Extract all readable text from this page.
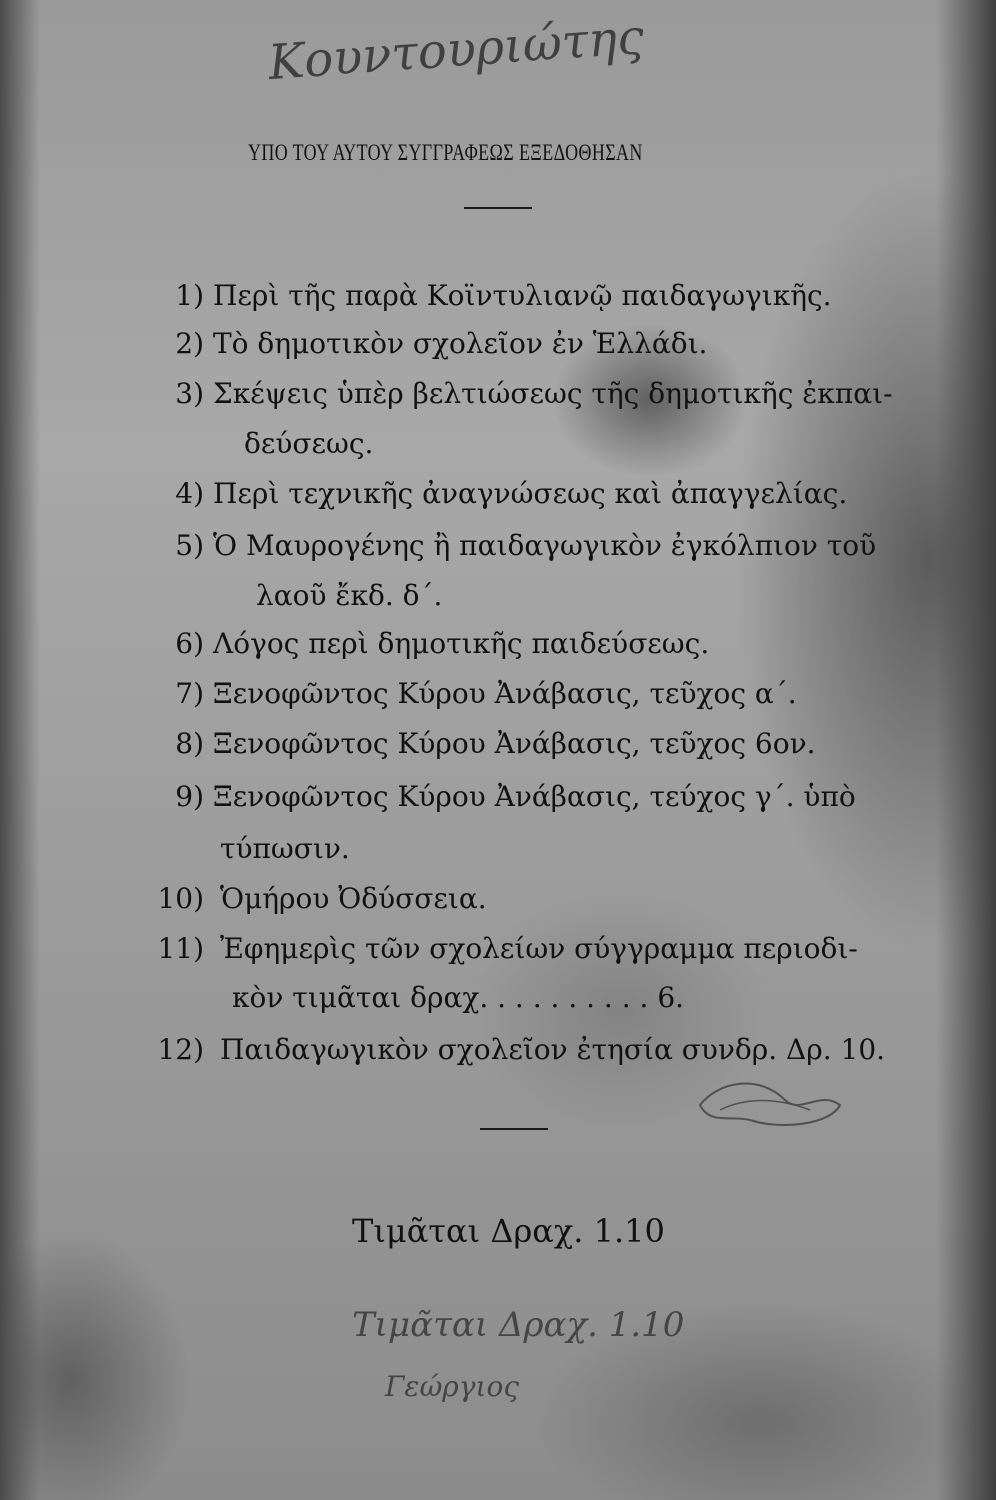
Κουντουριώτης
ΥΠΟ ΤΟΥ ΑΥΤΟΥ ΣΥΓΓΡΑΦΕΩΣ ΕΞΕΔΟΘΗΣΑΝ
1) Περὶ τῆς παρὰ Κοϊντυλιανῷ παιδαγωγικῆς.
2) Τὸ δημοτικὸν σχολεῖον ἐν Ἑλλάδι.
3) Σκέψεις ὑπὲρ βελτιώσεως τῆς δημοτικῆς ἐκπαι-
δεύσεως.
4) Περὶ τεχνικῆς ἀναγνώσεως καὶ ἀπαγγελίας.
5) Ὁ Μαυρογένης ἢ παιδαγωγικὸν ἐγκόλπιον τοῦ
λαοῦ ἔκδ. δ΄.
6) Λόγος περὶ δημοτικῆς παιδεύσεως.
7) Ξενοφῶντος Κύρου Ἀνάβασις, τεῦχος α΄.
8) Ξενοφῶντος Κύρου Ἀνάβασις, τεῦχος 6ον.
9) Ξενοφῶντος Κύρου Ἀνάβασις, τεύχος γ΄. ὑπὸ
τύπωσιν.
10) Ὁμήρου Ὀδύσσεια.
11) Ἐφημερὶς τῶν σχολείων σύγγραμμα περιοδι-
κὸν τιμᾶται δραχ. . . . . . . . . . 6.
12) Παιδαγωγικὸν σχολεῖον ἐτησία συνδρ. Δρ. 10.
Τιμᾶται Δραχ. 1.10
Τιμᾶται Δραχ. 1.10
Γεώργιος
